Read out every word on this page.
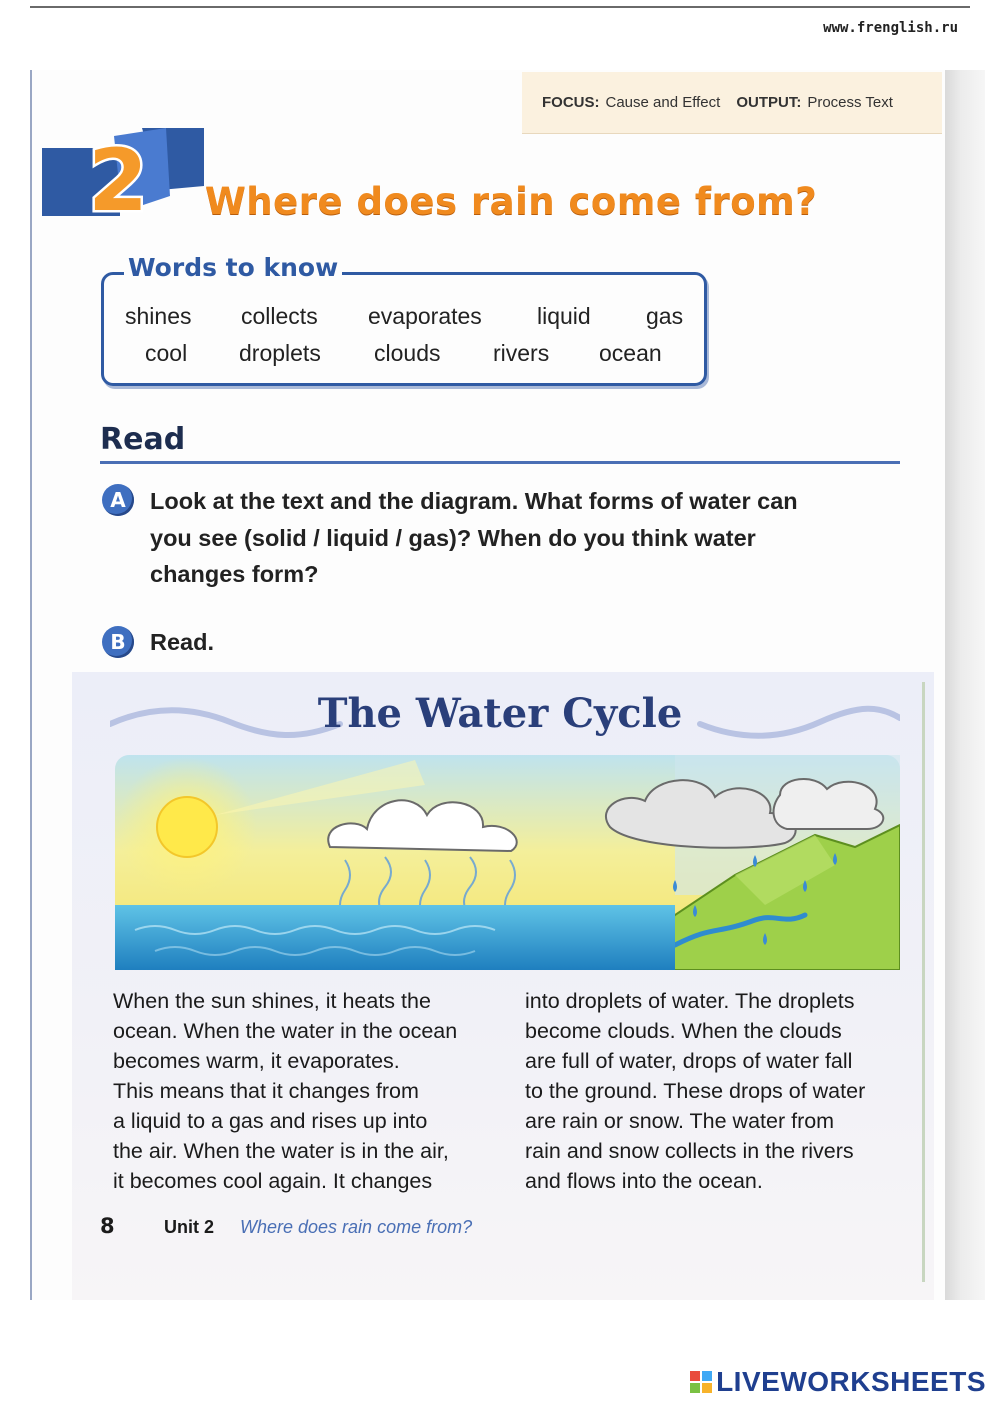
www.frenglish.ru
FOCUS: Cause and Effect OUTPUT: Process Text
2 Where does rain come from?
Words to know
shines collects evaporates liquid gas
cool droplets clouds rivers ocean
Read
A	Look at the text and the diagram. What forms of water can
you see (solid / liquid / gas)? When do you think water
changes form?
B	Read.
The Water Cycle
When the sun shines, it heats the
ocean. When the water in the ocean
becomes warm, it evaporates.
This means that it changes from
a liquid to a gas and rises up into
the air. When the water is in the air,
it becomes cool again. It changes
into droplets of water. The droplets
become clouds. When the clouds
are full of water, drops of water fall
to the ground. These drops of water
are rain or snow. The water from
rain and snow collects in the rivers
and flows into the ocean.
8	Unit 2 Where does rain come from?
LIVEWORKSHEETS
